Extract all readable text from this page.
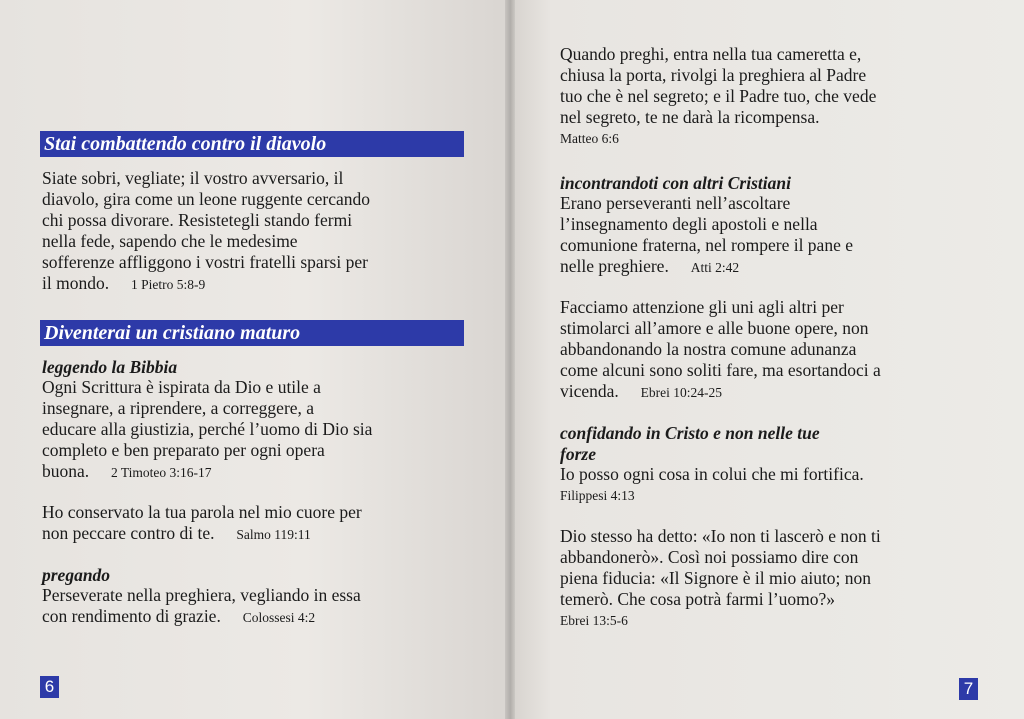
Stai combattendo contro il diavolo
Siate sobri, vegliate; il vostro avversario, il
diavolo, gira come un leone ruggente cercando
chi possa divorare. Resistetegli stando fermi
nella fede, sapendo che le medesime
sofferenze affliggono i vostri fratelli sparsi per
il mondo. 1 Pietro 5:8-9
Diventerai un cristiano maturo
leggendo la Bibbia
Ogni Scrittura è ispirata da Dio e utile a
insegnare, a riprendere, a correggere, a
educare alla giustizia, perché l’uomo di Dio sia
completo e ben preparato per ogni opera
buona. 2 Timoteo 3:16-17
Ho conservato la tua parola nel mio cuore per
non peccare contro di te. Salmo 119:11
pregando
Perseverate nella preghiera, vegliando in essa
con rendimento di grazie. Colossesi 4:2
6
Quando preghi, entra nella tua cameretta e,
chiusa la porta, rivolgi la preghiera al Padre
tuo che è nel segreto; e il Padre tuo, che vede
nel segreto, te ne darà la ricompensa.
Matteo 6:6
incontrandoti con altri Cristiani
Erano perseveranti nell’ascoltare
l’insegnamento degli apostoli e nella
comunione fraterna, nel rompere il pane e
nelle preghiere. Atti 2:42
Facciamo attenzione gli uni agli altri per
stimolarci all’amore e alle buone opere, non
abbandonando la nostra comune adunanza
come alcuni sono soliti fare, ma esortandoci a
vicenda. Ebrei 10:24-25
confidando in Cristo e non nelle tue
forze
Io posso ogni cosa in colui che mi fortifica.
Filippesi 4:13
Dio stesso ha detto: «Io non ti lascerò e non ti
abbandonerò». Così noi possiamo dire con
piena fiducia: «Il Signore è il mio aiuto; non
temerò. Che cosa potrà farmi l’uomo?»
Ebrei 13:5-6
7
